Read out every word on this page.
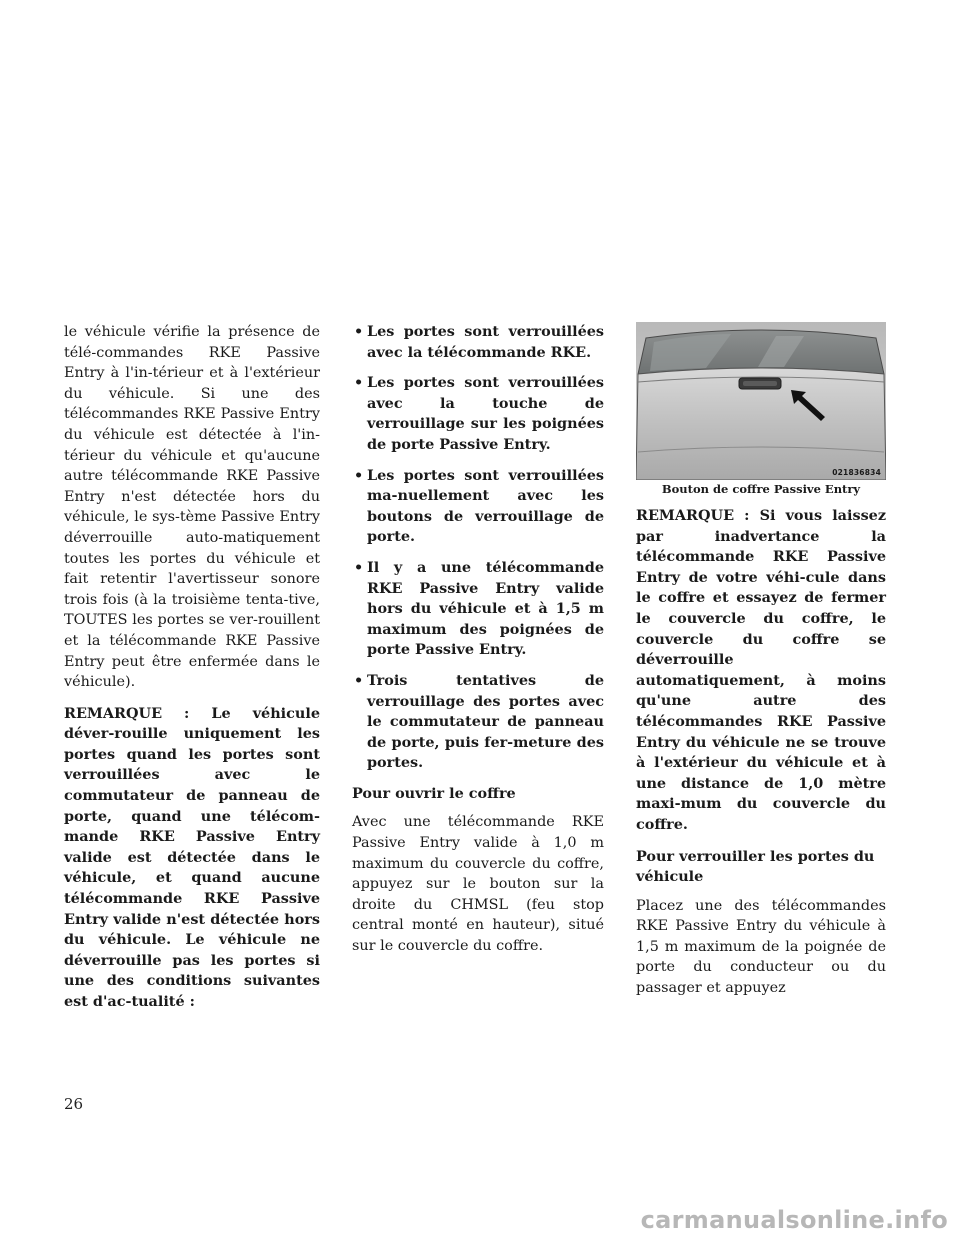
le véhicule vérifie la présence de télé-commandes RKE Passive Entry à l'in-térieur et à l'extérieur du véhicule. Si une des télécommandes RKE Passive Entry du véhicule est détectée à l'in-térieur du véhicule et qu'aucune autre télécommande RKE Passive Entry n'est détectée hors du véhicule, le sys-tème Passive Entry déverrouille auto-matiquement toutes les portes du véhicule et fait retentir l'avertisseur sonore trois fois (à la troisième tenta-tive, TOUTES les portes se ver-rouillent et la télécommande RKE Passive Entry peut être enfermée dans le véhicule).

REMARQUE : Le véhicule déver-rouille uniquement les portes quand les portes sont verrouillées avec le commutateur de panneau de porte, quand une télécom-mande RKE Passive Entry valide est détectée dans le véhicule, et quand aucune télécommande RKE Passive Entry valide n'est détectée hors du véhicule. Le véhicule ne déverrouille pas les portes si une des conditions suivantes est d'ac-tualité :

• Les portes sont verrouillées avec la télécommande RKE.
• Les portes sont verrouillées avec la touche de verrouillage sur les poignées de porte Passive Entry.
• Les portes sont verrouillées ma-nuellement avec les boutons de verrouillage de porte.
• Il y a une télécommande RKE Passive Entry valide hors du véhicule et à 1,5 m maximum des poignées de porte Passive Entry.
• Trois tentatives de verrouillage des portes avec le commutateur de panneau de porte, puis fer-meture des portes.
Pour ouvrir le coffre

Avec une télécommande RKE Passive Entry valide à 1,0 m maximum du couvercle du coffre, appuyez sur le bouton sur la droite du CHMSL (feu stop central monté en hauteur), situé sur le couvercle du coffre.

021836834
Bouton de coffre Passive Entry

REMARQUE : Si vous laissez par inadvertance la télécommande RKE Passive Entry de votre véhi-cule dans le coffre et essayez de fermer le couvercle du coffre, le couvercle du coffre se déverrouille automatiquement, à moins qu'une autre des télécommandes RKE Passive Entry du véhicule ne se trouve à l'extérieur du véhicule et à une distance de 1,0 mètre maxi-mum du couvercle du coffre.

Pour verrouiller les portes du véhicule

Placez une des télécommandes RKE Passive Entry du véhicule à 1,5 m maximum de la poignée de porte du conducteur ou du passager et appuyez

26
carmanualsonline.info
